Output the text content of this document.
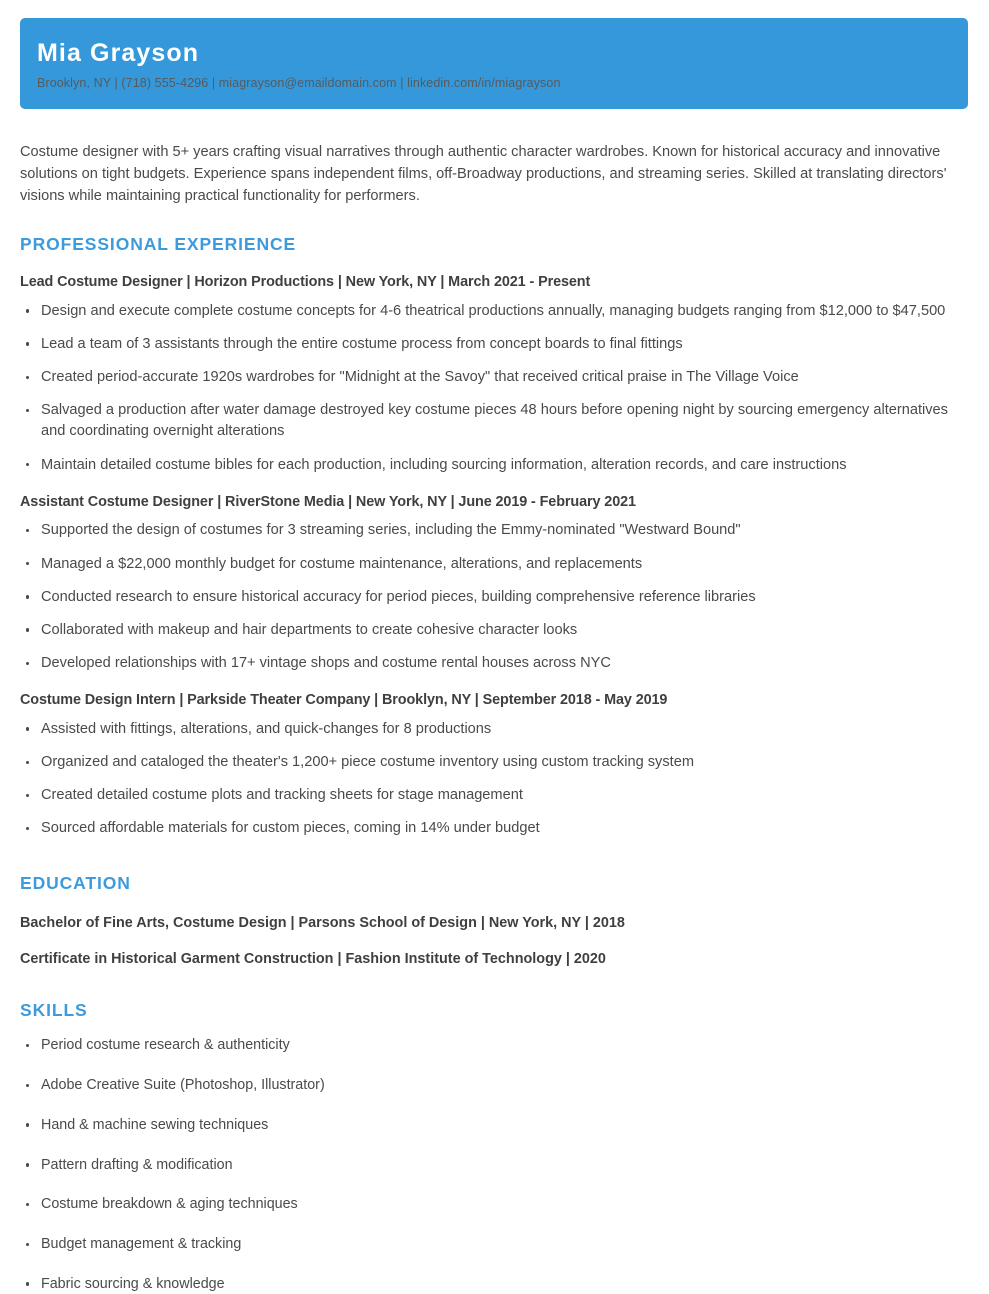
Mia Grayson
Brooklyn, NY | (718) 555-4296 | miagrayson@emaildomain.com | linkedin.com/in/miagrayson

Costume designer with 5+ years crafting visual narratives through authentic character wardrobes. Known for historical accuracy and innovative solutions on tight budgets. Experience spans independent films, off-Broadway productions, and streaming series. Skilled at translating directors' visions while maintaining practical functionality for performers.

PROFESSIONAL EXPERIENCE
Lead Costume Designer | Horizon Productions | New York, NY | March 2021 - Present
Design and execute complete costume concepts for 4-6 theatrical productions annually, managing budgets ranging from $12,000 to $47,500
Lead a team of 3 assistants through the entire costume process from concept boards to final fittings
Created period-accurate 1920s wardrobes for "Midnight at the Savoy" that received critical praise in The Village Voice
Salvaged a production after water damage destroyed key costume pieces 48 hours before opening night by sourcing emergency alternatives and coordinating overnight alterations
Maintain detailed costume bibles for each production, including sourcing information, alteration records, and care instructions
Assistant Costume Designer | RiverStone Media | New York, NY | June 2019 - February 2021
Supported the design of costumes for 3 streaming series, including the Emmy-nominated "Westward Bound"
Managed a $22,000 monthly budget for costume maintenance, alterations, and replacements
Conducted research to ensure historical accuracy for period pieces, building comprehensive reference libraries
Collaborated with makeup and hair departments to create cohesive character looks
Developed relationships with 17+ vintage shops and costume rental houses across NYC
Costume Design Intern | Parkside Theater Company | Brooklyn, NY | September 2018 - May 2019
Assisted with fittings, alterations, and quick-changes for 8 productions
Organized and cataloged the theater's 1,200+ piece costume inventory using custom tracking system
Created detailed costume plots and tracking sheets for stage management
Sourced affordable materials for custom pieces, coming in 14% under budget
EDUCATION
Bachelor of Fine Arts, Costume Design | Parsons School of Design | New York, NY | 2018
Certificate in Historical Garment Construction | Fashion Institute of Technology | 2020
SKILLS
Period costume research & authenticity
Adobe Creative Suite (Photoshop, Illustrator)
Hand & machine sewing techniques
Pattern drafting & modification
Costume breakdown & aging techniques
Budget management & tracking
Fabric sourcing & knowledge
